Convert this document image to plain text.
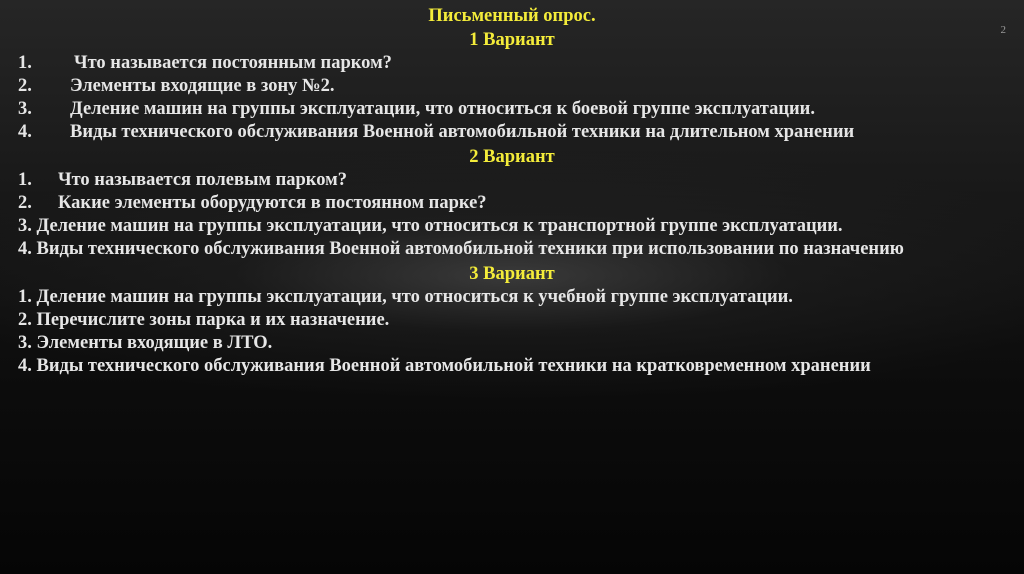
2

Письменный опрос.

1 Вариант

1.	Что называется постоянным парком?
2.	Элементы входящие в зону №2.
3.	Деление машин на группы эксплуатации, что относиться к боевой группе эксплуатации.
4.	Виды технического обслуживания Военной автомобильной техники на длительном хранении

2 Вариант

1.	Что называется полевым парком?
2.	Какие элементы оборудуются в постоянном парке?

3. Деление машин на группы эксплуатации, что относиться к транспортной группе эксплуатации.

4. Виды технического обслуживания Военной автомобильной техники при использовании по назначению

3 Вариант

1. Деление машин на группы эксплуатации, что относиться к учебной группе эксплуатации.

2. Перечислите зоны парка и их назначение.

3. Элементы входящие в ЛТО.

4. Виды технического обслуживания Военной автомобильной техники на кратковременном хранении
